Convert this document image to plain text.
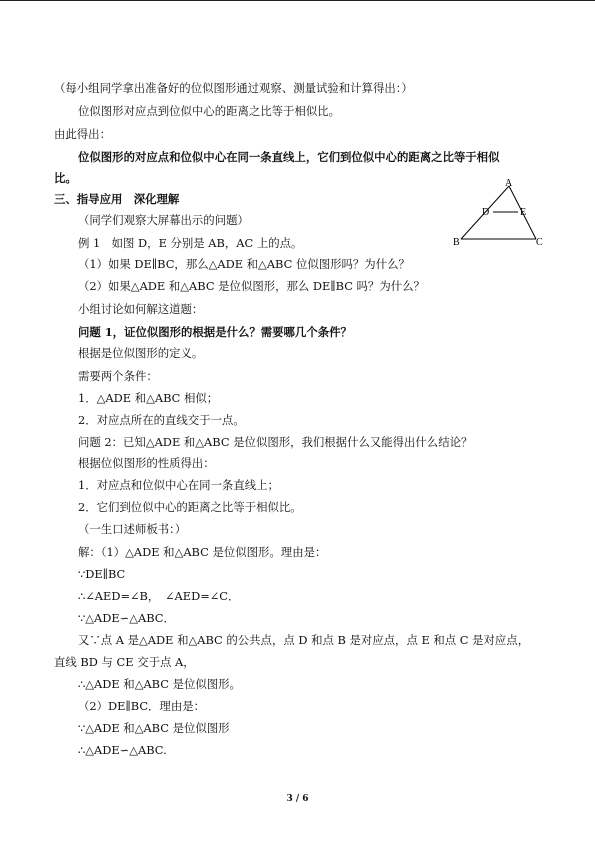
（每小组同学拿出准备好的位似图形通过观察、测量试验和计算得出：）
位似图形对应点到位似中心的距离之比等于相似比。
由此得出：
位似图形的对应点和位似中心在同一条直线上，它们到位似中心的距离之比等于相似
比。
三、指导应用　深化理解
（同学们观察大屏幕出示的问题）
例 1　如图 D，E 分别是 AB，AC 上的点。
（1）如果 DE∥BC，那么△ADE 和△ABC 位似图形吗？为什么？
（2）如果△ADE 和△ABC 是位似图形，那么 DE∥BC 吗？为什么？
小组讨论如何解这道题：
问题 1，证位似图形的根据是什么？需要哪几个条件？
根据是位似图形的定义。
需要两个条件：
1．△ADE 和△ABC 相似；
2．对应点所在的直线交于一点。
问题 2：已知△ADE 和△ABC 是位似图形，我们根据什么又能得出什么结论？
根据位似图形的性质得出：
1．对应点和位似中心在同一条直线上；
2．它们到位似中心的距离之比等于相似比。
（一生口述师板书：）
解：（1）△ADE 和△ABC 是位似图形。理由是：
∵DE∥BC
∴∠AED=∠B，　∠AED=∠C．
∵△ADE∽△ABC．
又∵点 A 是△ADE 和△ABC 的公共点，点 D 和点 B 是对应点，点 E 和点 C 是对应点，
直线 BD 与 CE 交于点 A，
∴△ADE 和△ABC 是位似图形。
（2）DE∥BC．理由是：
∵△ADE 和△ABC 是位似图形
∴△ADE∽△ABC.
A
D	E
B	C
3 / 6
